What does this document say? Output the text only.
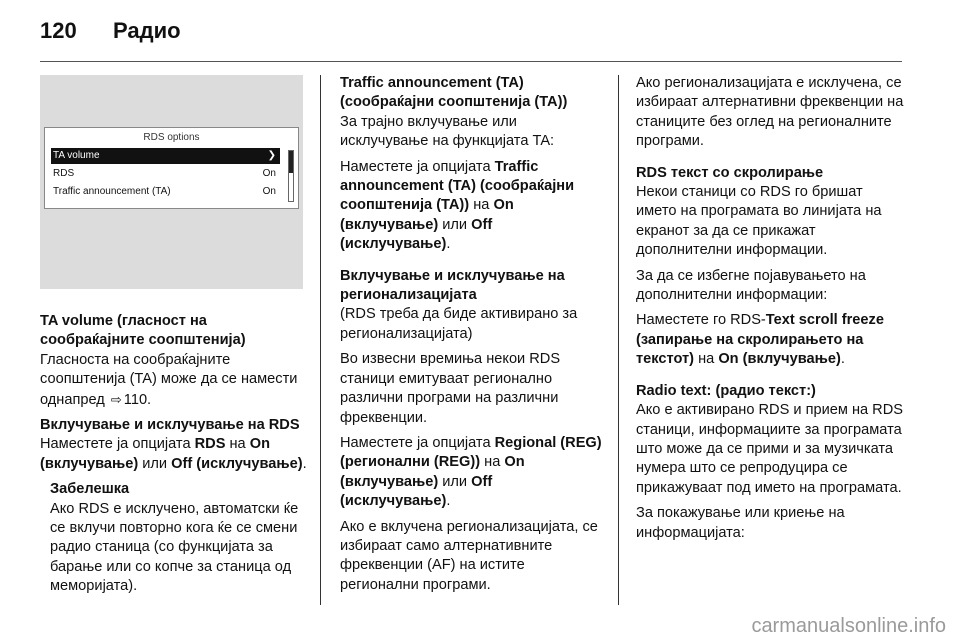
120 Радио
RDS options
TA volume	❯
RDS	On
Traffic announcement (TA)	On

TA volume (гласност на сообраќајните соопштенија)

Гласноста на сообраќајните соопштенија (TA) може да се намести однапред ⇨ 110.

Вклучување и исклучување на RDS

Наместете ја опцијата RDS на On (вклучување) или Off (исклучување).

Забелешка

Ако RDS е исклучено, автоматски ќе се вклучи повторно кога ќе се смени радио станица (со функцијата за барање или со копче за станица од меморијата).

Traffic announcement (TA) (сообраќајни соопштенија (TA))

За трајно вклучување или исклучување на функцијата TA:

Наместете ја опцијата Traffic announcement (TA) (сообраќајни соопштенија (TA)) на On (вклучување) или Off (исклучување).

Вклучување и исклучување на регионализацијата

(RDS треба да биде активирано за регионализацијата)

Во извесни времиња некои RDS станици емитуваат регионално различни програми на различни фреквенции.

Наместете ја опцијата Regional (REG) (регионални (REG)) на On (вклучување) или Off (исклучување).

Ако е вклучена регионализацијата, се избираат само алтернативните фреквенции (AF) на истите регионални програми.

Ако регионализацијата е исклучена, се избираат алтернативни фреквенции на станиците без оглед на регионалните програми.

RDS текст со скролирање

Некои станици со RDS го бришат името на програмата во линијата на екранот за да се прикажат дополнителни информации.

За да се избегне појавувањето на дополнителни информации:

Наместете го RDS-Text scroll freeze (запирање на скролирањето на текстот) на On (вклучување).

Radio text: (радио текст:)

Ако е активирано RDS и прием на RDS станици, информациите за програмата што може да се прими и за музичката нумера што се репродуцира се прикажуваат под името на програмата.

За покажување или криење на информацијата:

carmanualsonline.info
